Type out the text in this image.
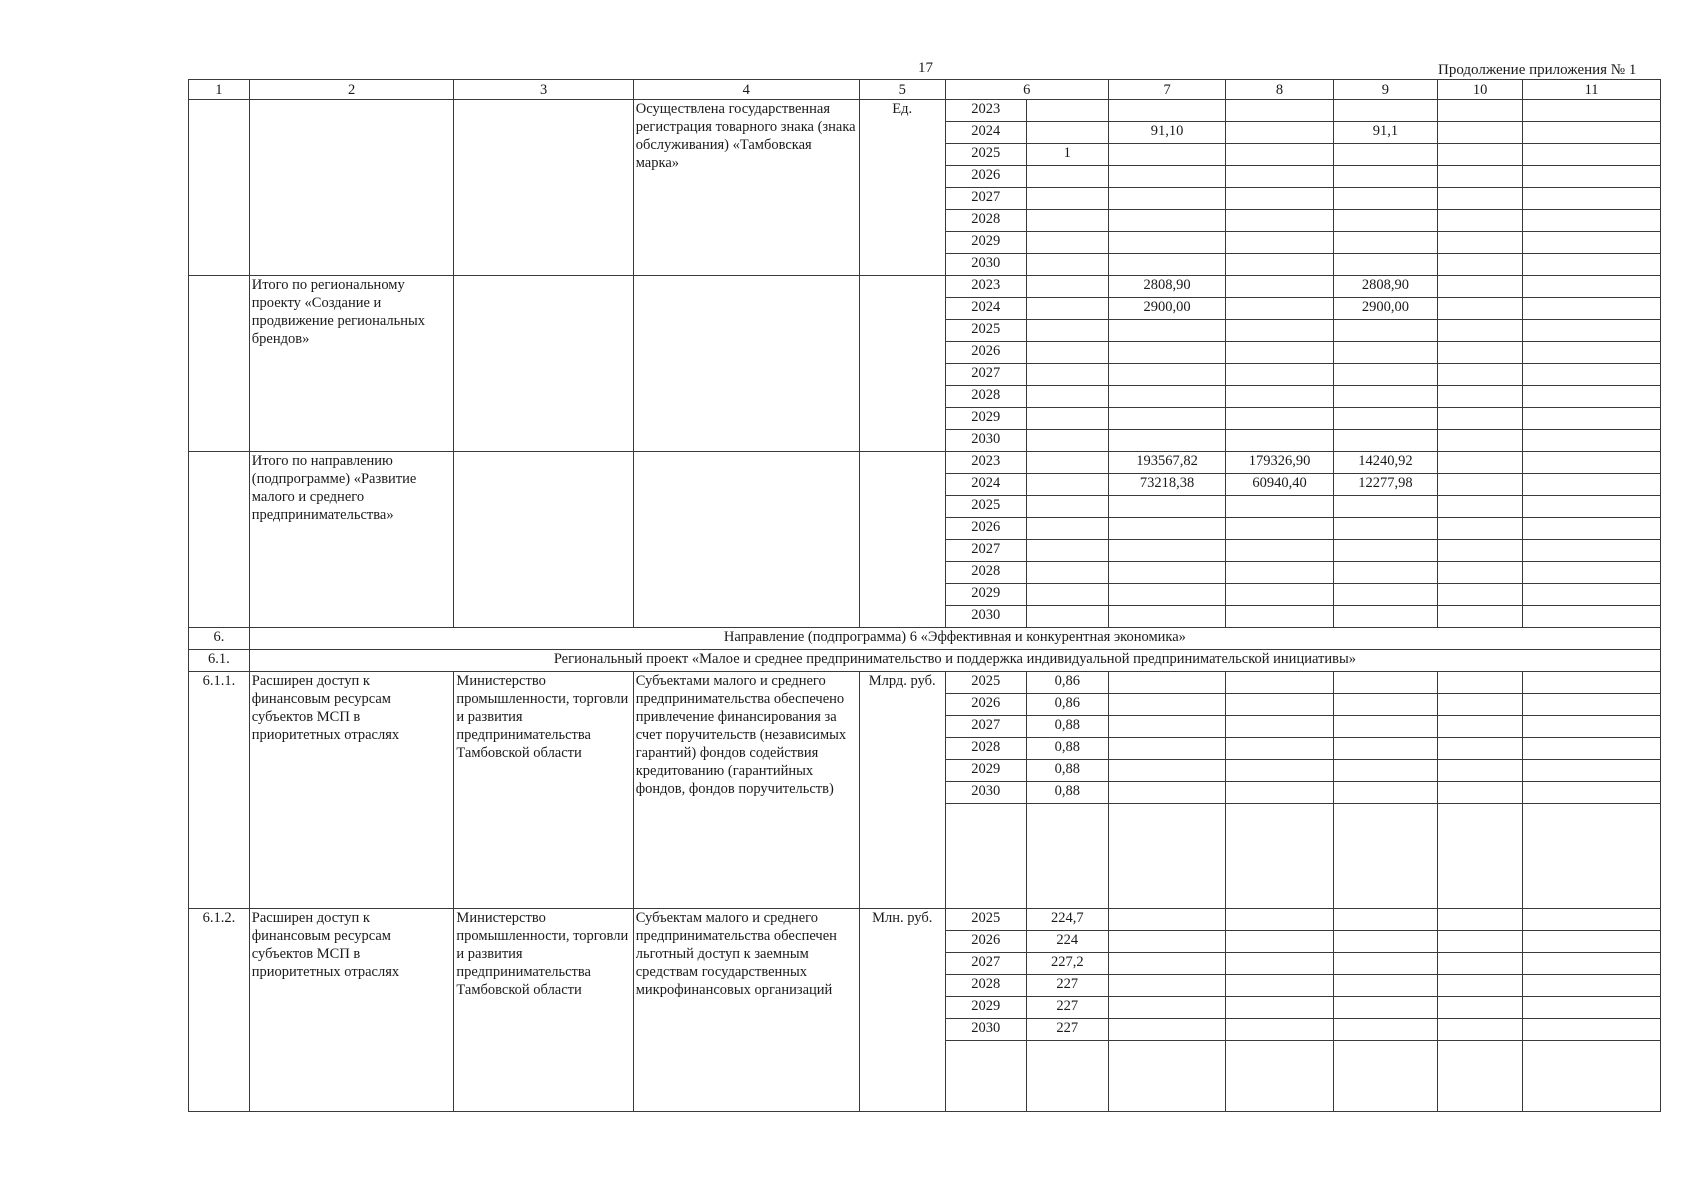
17	Продолжение приложения № 1
1	2	3	4	5	6		7	8	9	10	11
			Осуществлена государственная регистрация товарного знака (знака обслуживания) «Тамбовская марка»	Ед.	2023						
					2024		91,10		91,1		
					2025	1					
					2026						
					2027						
					2028						
					2029						
					2030						
	Итого по региональному проекту «Создание и продвижение региональных брендов»				2023		2808,90		2808,90		
					2024		2900,00		2900,00		
					2025						
					2026						
					2027						
					2028						
					2029						
					2030						
	Итого по направлению (подпрограмме) «Развитие малого и среднего предпринимательства»				2023		193567,82	179326,90	14240,92		
					2024		73218,38	60940,40	12277,98		
					2025						
					2026						
					2027						
					2028						
					2029						
					2030						
6.	Направление (подпрограмма) 6 «Эффективная и конкурентная экономика»										
6.1.	Региональный проект «Малое и среднее предпринимательство и поддержка индивидуальной предпринимательской инициативы»										
6.1.1.	Расширен доступ к финансовым ресурсам субъектов МСП в приоритетных отраслях	Министерство промышленности, торговли и развития предпринимательства Тамбовской области	Субъектами малого и среднего предпринимательства обеспечено привлечение финансирования за счет поручительств (независимых гарантий) фондов содействия кредитованию (гарантийных фондов, фондов поручительств)	Млрд. руб.	2025	0,86					
					2026	0,86					
					2027	0,88					
					2028	0,88					
					2029	0,88					
					2030	0,88					

6.1.2.	Расширен доступ к финансовым ресурсам субъектов МСП в приоритетных отраслях	Министерство промышленности, торговли и развития предпринимательства Тамбовской области	Субъектам малого и среднего предпринимательства обеспечен льготный доступ к заемным средствам государственных микрофинансовых организаций	Млн. руб.	2025	224,7					
					2026	224					
					2027	227,2					
					2028	227					
					2029	227					
					2030	227					
